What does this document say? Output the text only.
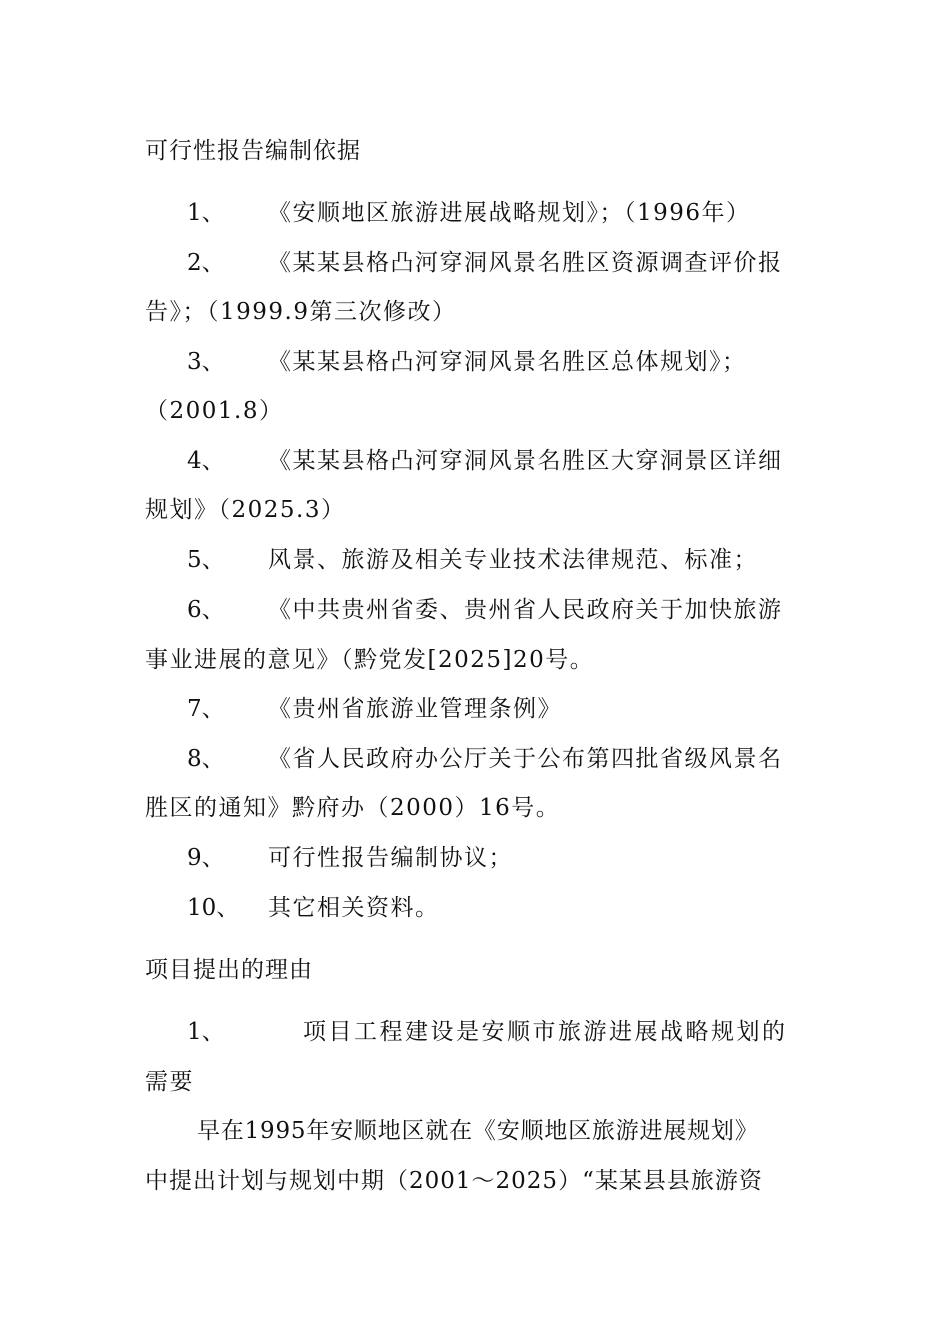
可行性报告编制依据
1、 《安顺地区旅游进展战略规划》；（1996年）
2、 《某某县格凸河穿洞风景名胜区资源调查评价报
告》；（1999.9第三次修改）
3、 《某某县格凸河穿洞风景名胜区总体规划》；
（2001.8）
4、 《某某县格凸河穿洞风景名胜区大穿洞景区详细
规划》（2025.3）
5、 风景、旅游及相关专业技术法律规范、标准；
6、 《中共贵州省委、贵州省人民政府关于加快旅游
事业进展的意见》（黔党发[2025]20号。
7、 《贵州省旅游业管理条例》
8、 《省人民政府办公厅关于公布第四批省级风景名
胜区的通知》黔府办（2000）16号。
9、 可行性报告编制协议；
10、 其它相关资料。
项目提出的理由
1、	项目工程建设是安顺市旅游进展战略规划的
需要
早在1995年安顺地区就在《安顺地区旅游进展规划》
中提出计划与规划中期（2001～2025）“某某县县旅游资
